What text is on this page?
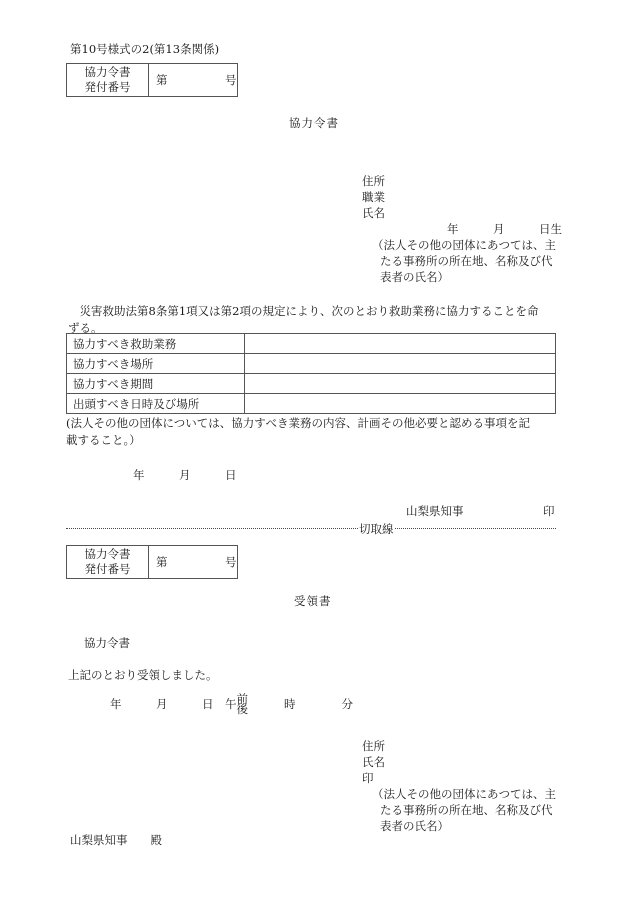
第10号様式の2(第13条関係)
協力令書
発付番号	第　　　　　号
協力令書
住所
職業
氏名
年　　　月　　　日生
（法人その他の団体にあつては、主
たる事務所の所在地、名称及び代
表者の氏名）
　災害救助法第8条第1項又は第2項の規定により、次のとおり救助業務に協力することを命
ずる。
協力すべき救助業務	
協力すべき場所	
協力すべき期間	
出頭すべき日時及び場所	
(法人その他の団体については、協力すべき業務の内容、計画その他必要と認める事項を記
載すること。）
年　　　月　　　日
山梨県知事	印
切取線
協力令書
発付番号	第　　　　　号
受領書
協力令書
上記のとおり受領しました。
年　　　月　　　日　午 前
後	時　　　　分
住所
氏名
印
（法人その他の団体にあつては、主
たる事務所の所在地、名称及び代
表者の氏名）
山梨県知事　　殿
